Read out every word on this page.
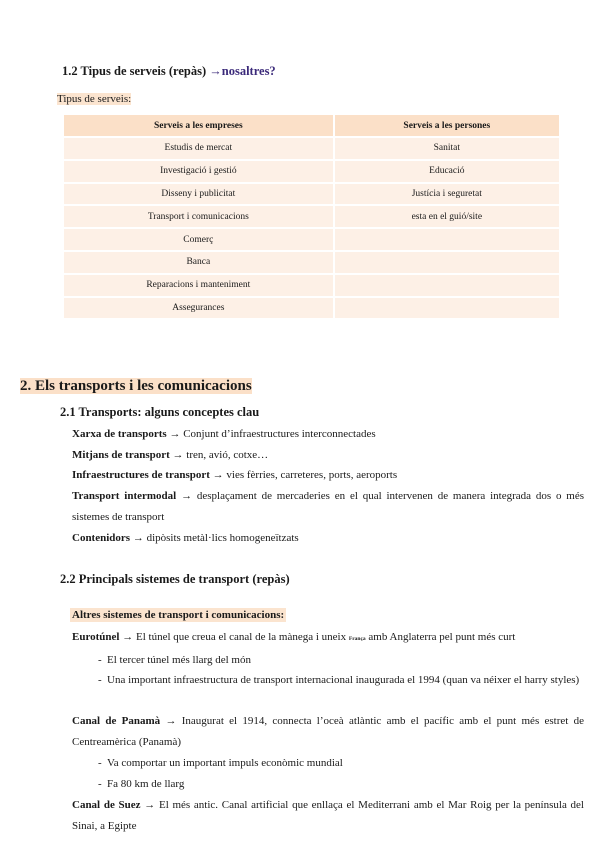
1.2 Tipus de serveis (repàs) →nosaltres?
Tipus de serveis:
Serveis a les empreses	Serveis a les persones
Estudis de mercat	Sanitat
Investigació i gestió	Educació
Disseny i publicitat	Justícia i seguretat
Transport i comunicacions	esta en el guió/site
Comerç	
Banca	
Reparacions i manteniment	
Assegurances	
2. Els transports i les comunicacions
2.1 Transports: alguns conceptes clau
Xarxa de transports → Conjunt d’infraestructures interconnectades
Mitjans de transport → tren, avió, cotxe…
Infraestructures de transport → vies fèrries, carreteres, ports, aeroports
Transport intermodal → desplaçament de mercaderies en el qual intervenen de manera integrada dos o més sistemes de transport
Contenidors → dipòsits metàl·lics homogeneïtzats
2.2 Principals sistemes de transport (repàs)
Altres sistemes de transport i comunicacions:
Eurotúnel → El túnel que creua el canal de la mànega i uneix França amb Anglaterra pel punt més curt
- El tercer túnel més llarg del món
- Una important infraestructura de transport internacional inaugurada el 1994 (quan va néixer el harry styles)
Canal de Panamà → Inaugurat el 1914, connecta l’oceà atlàntic amb el pacífic amb el punt més estret de Centreamèrica (Panamà)
- Va comportar un important impuls econòmic mundial
- Fa 80 km de llarg
Canal de Suez → El més antic. Canal artificial que enllaça el Mediterrani amb el Mar Roig per la península del Sinai, a Egipte
